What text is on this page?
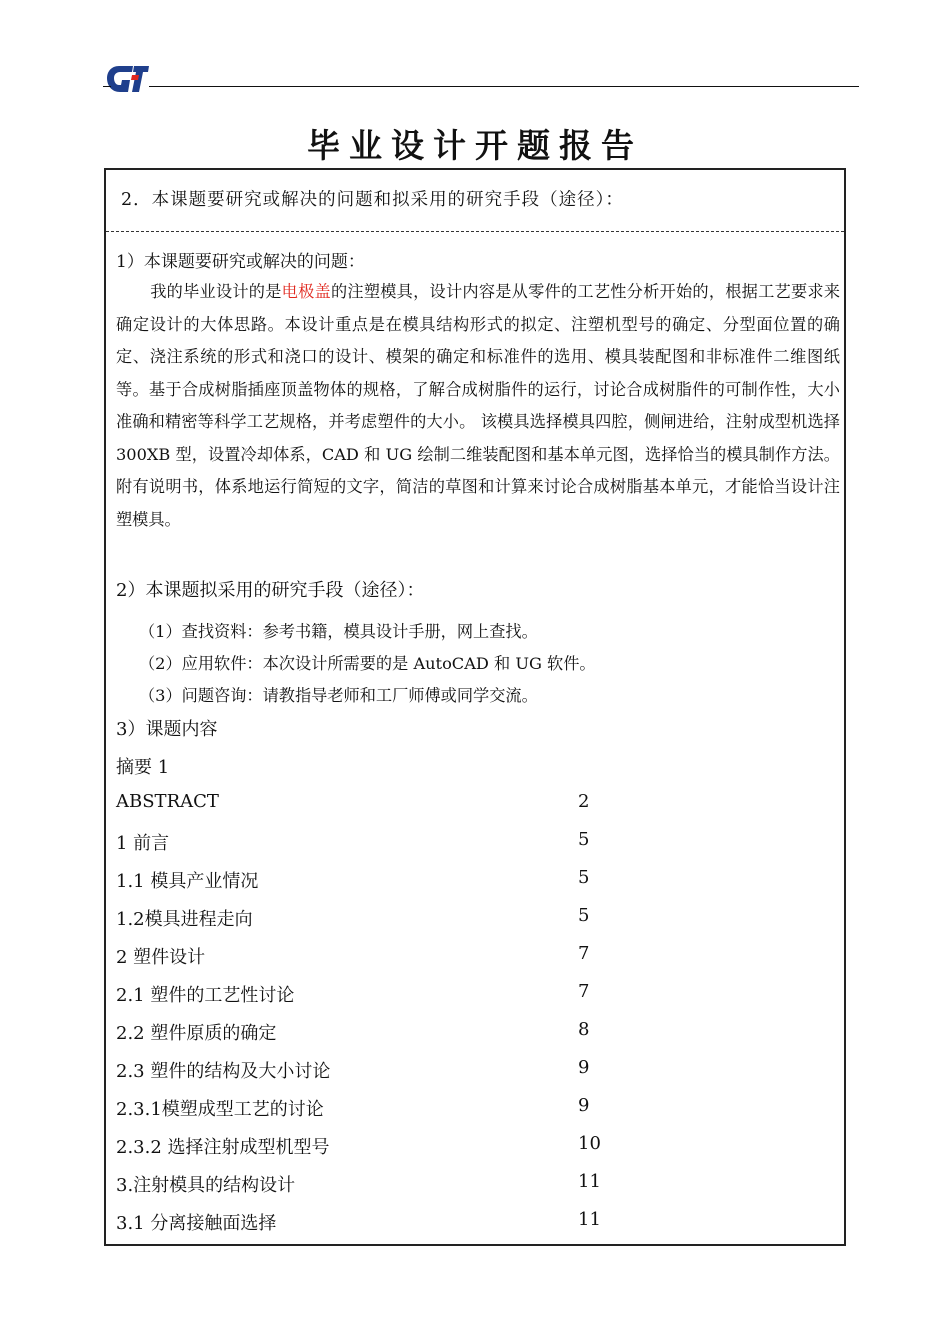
毕业设计开题报告
2．本课题要研究或解决的问题和拟采用的研究手段（途径）：
1）本课题要研究或解决的问题：
我的毕业设计的是电极盖的注塑模具，设计内容是从零件的工艺性分析开始的，根据工艺要求来确定设计的大体思路。本设计重点是在模具结构形式的拟定、注塑机型号的确定、分型面位置的确定、浇注系统的形式和浇口的设计、模架的确定和标准件的选用、模具装配图和非标准件二维图纸等。基于合成树脂插座顶盖物体的规格，了解合成树脂件的运行，讨论合成树脂件的可制作性，大小准确和精密等科学工艺规格，并考虑塑件的大小。 该模具选择模具四腔，侧闸进给，注射成型机选择 300XB 型，设置冷却体系，CAD 和 UG 绘制二维装配图和基本单元图，选择恰当的模具制作方法。 附有说明书，体系地运行简短的文字，简洁的草图和计算来讨论合成树脂基本单元，才能恰当设计注塑模具。
2）本课题拟采用的研究手段（途径）：
（1）查找资料：参考书籍，模具设计手册，网上查找。
（2）应用软件：本次设计所需要的是 AutoCAD 和 UG 软件。
（3）问题咨询：请教指导老师和工厂师傅或同学交流。
3）课题内容
摘要 1
ABSTRACT	2
1 前言	5
1.1 模具产业情况	5
1.2模具进程走向	5
2 塑件设计	7
2.1 塑件的工艺性讨论	7
2.2 塑件原质的确定	8
2.3 塑件的结构及大小讨论	9
2.3.1模塑成型工艺的讨论	9
2.3.2 选择注射成型机型号	10
3.注射模具的结构设计	11
3.1 分离接触面选择	11
